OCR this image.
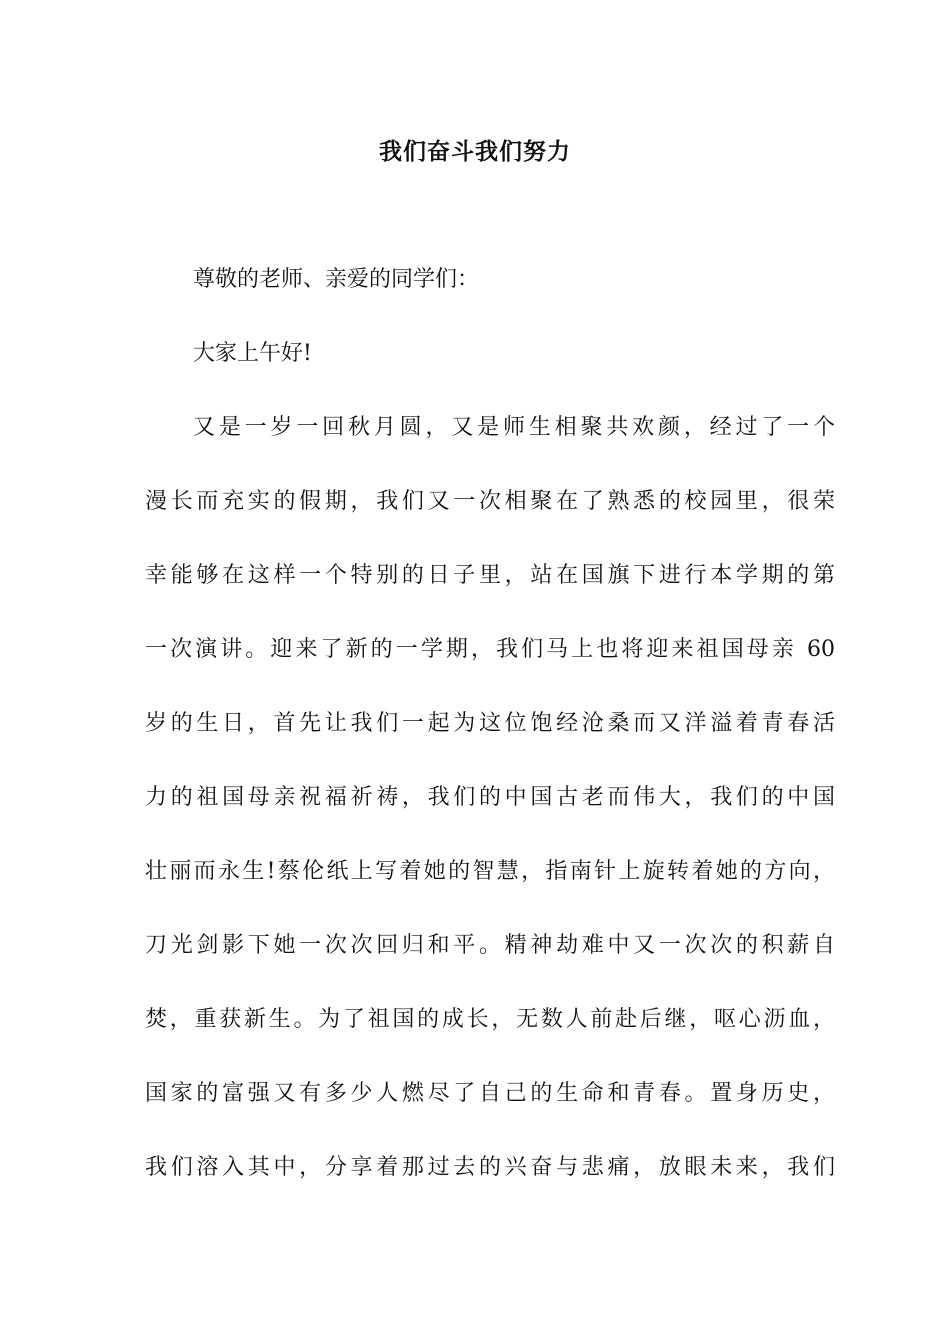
我们奋斗我们努力
尊敬的老师、亲爱的同学们：
大家上午好!
又是一岁一回秋月圆，又是师生相聚共欢颜，经过了一个
漫长而充实的假期，我们又一次相聚在了熟悉的校园里，很荣
幸能够在这样一个特别的日子里，站在国旗下进行本学期的第
一次演讲。迎来了新的一学期，我们马上也将迎来祖国母亲 60
岁的生日，首先让我们一起为这位饱经沧桑而又洋溢着青春活
力的祖国母亲祝福祈祷，我们的中国古老而伟大，我们的中国
壮丽而永生!蔡伦纸上写着她的智慧，指南针上旋转着她的方向，
刀光剑影下她一次次回归和平。精神劫难中又一次次的积薪自
焚，重获新生。为了祖国的成长，无数人前赴后继，呕心沥血，
国家的富强又有多少人燃尽了自己的生命和青春。置身历史，
我们溶入其中，分享着那过去的兴奋与悲痛，放眼未来，我们
